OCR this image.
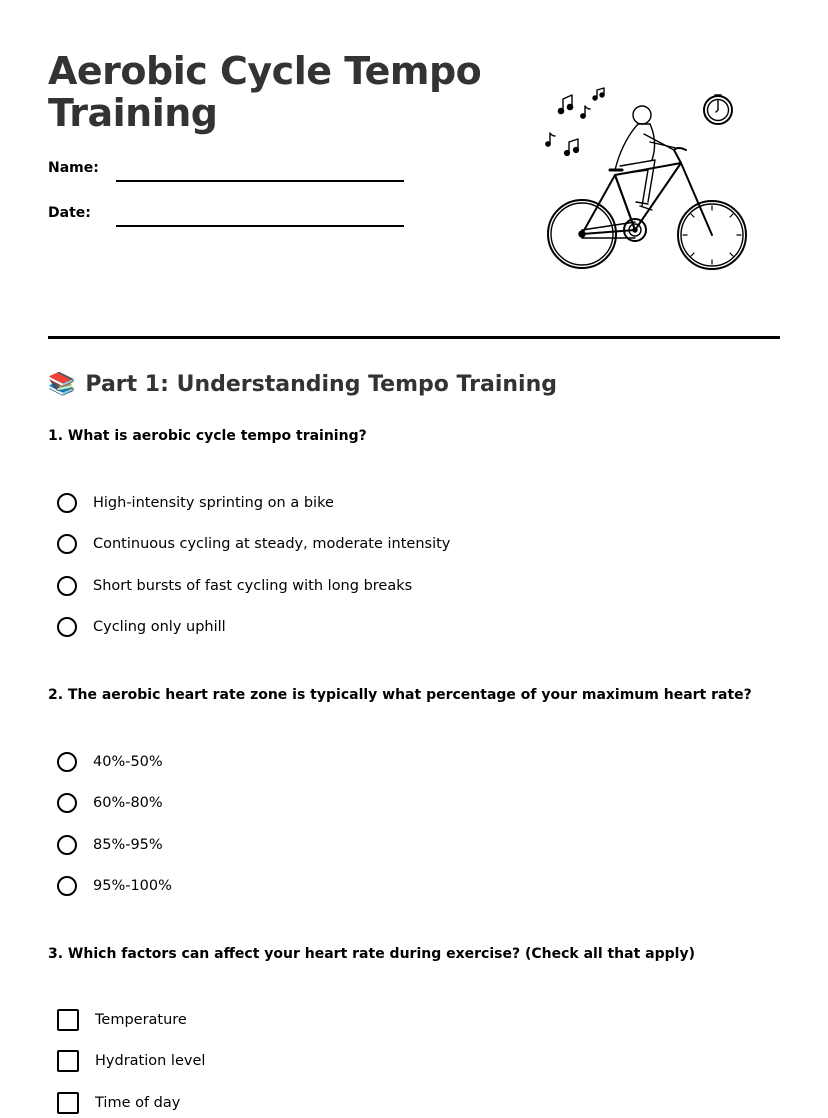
Aerobic Cycle Tempo Training
Name:
Date:
📚 Part 1: Understanding Tempo Training
1. What is aerobic cycle tempo training?
High-intensity sprinting on a bike
Continuous cycling at steady, moderate intensity
Short bursts of fast cycling with long breaks
Cycling only uphill
2. The aerobic heart rate zone is typically what percentage of your maximum heart rate?
40%-50%
60%-80%
85%-95%
95%-100%
3. Which factors can affect your heart rate during exercise? (Check all that apply)
Temperature
Hydration level
Time of day
